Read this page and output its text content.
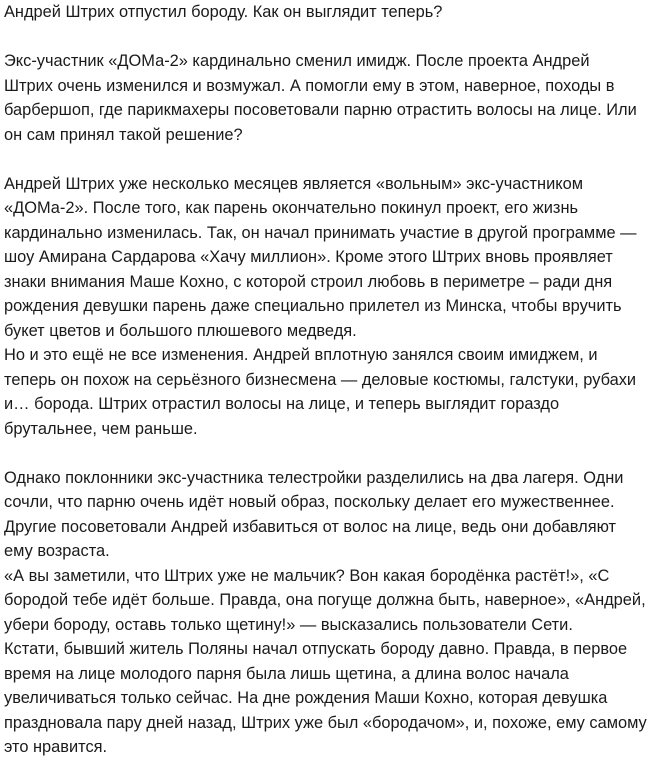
Андрей Штрих отпустил бороду. Как он выглядит теперь?
Экс-участник «ДОМа-2» кардинально сменил имидж. После проекта Андрей
Штрих очень изменился и возмужал. А помогли ему в этом, наверное, походы в
барбершоп, где парикмахеры посоветовали парню отрастить волосы на лице. Или
он сам принял такой решение?
Андрей Штрих уже несколько месяцев является «вольным» экс-участником
«ДОМа-2». После того, как парень окончательно покинул проект, его жизнь
кардинально изменилась. Так, он начал принимать участие в другой программе —
шоу Амирана Сардарова «Хачу миллион». Кроме этого Штрих вновь проявляет
знаки внимания Маше Кохно, с которой строил любовь в периметре – ради дня
рождения девушки парень даже специально прилетел из Минска, чтобы вручить
букет цветов и большого плюшевого медведя.
Но и это ещё не все изменения. Андрей вплотную занялся своим имиджем, и
теперь он похож на серьёзного бизнесмена — деловые костюмы, галстуки, рубахи
и… борода. Штрих отрастил волосы на лице, и теперь выглядит гораздо
брутальнее, чем раньше.
Однако поклонники экс-участника телестройки разделились на два лагеря. Одни
сочли, что парню очень идёт новый образ, поскольку делает его мужественнее.
Другие посоветовали Андрей избавиться от волос на лице, ведь они добавляют
ему возраста.
«А вы заметили, что Штрих уже не мальчик? Вон какая бородёнка растёт!», «С
бородой тебе идёт больше. Правда, она погуще должна быть, наверное», «Андрей,
убери бороду, оставь только щетину!» — высказались пользователи Сети.
Кстати, бывший житель Поляны начал отпускать бороду давно. Правда, в первое
время на лице молодого парня была лишь щетина, а длина волос начала
увеличиваться только сейчас. На дне рождения Маши Кохно, которая девушка
праздновала пару дней назад, Штрих уже был «бородачом», и, похоже, ему самому
это нравится.
